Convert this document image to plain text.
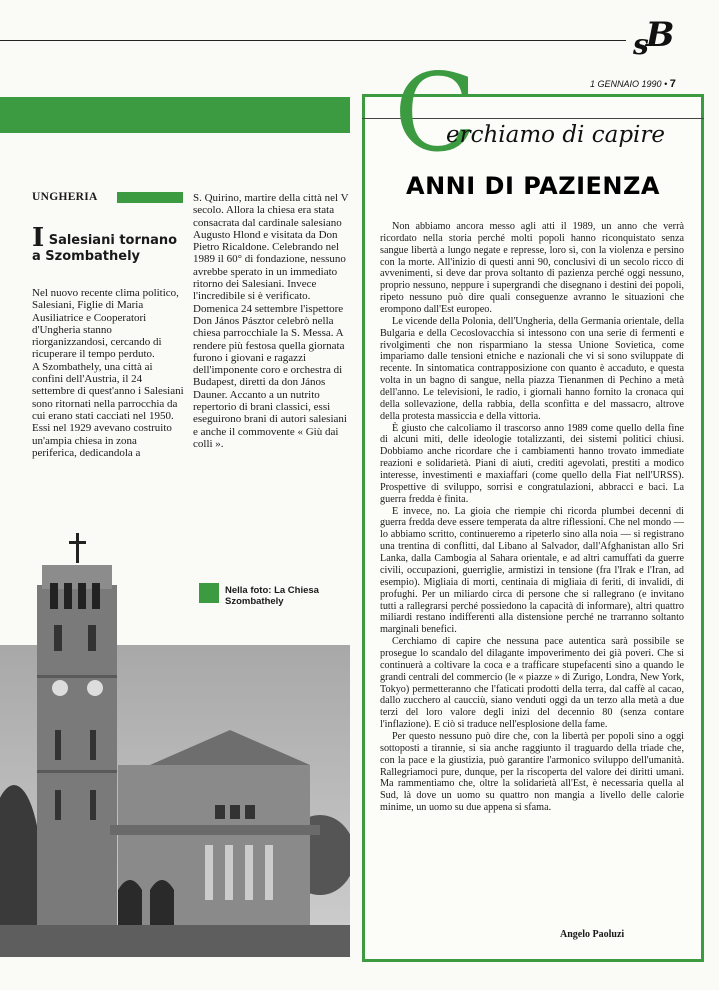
$_s$B
1 GENNAIO 1990 • 7
UNGHERIA
I Salesiani tornano a Szombathely

Nel nuovo recente clima politico, Salesiani, Figlie di Maria Ausiliatrice e Cooperatori d'Ungheria stanno riorganizzandosi, cercando di ricuperare il tempo perduto.

A Szombathely, una città ai confini dell'Austria, il 24 settembre di quest'anno i Salesiani sono ritornati nella parrocchia da cui erano stati cacciati nel 1950. Essi nel 1929 avevano costruito un'ampia chiesa in zona periferica, dedicandola a

S. Quirino, martire della città nel V secolo. Allora la chiesa era stata consacrata dal cardinale salesiano Augusto Hlond e visitata da Don Pietro Ricaldone. Celebrando nel 1989 il 60° di fondazione, nessuno avrebbe sperato in un immediato ritorno dei Salesiani. Invece l'incredibile si è verificato. Domenica 24 settembre l'ispettore Don János Pásztor celebrò nella chiesa parrocchiale la S. Messa. A rendere più festosa quella giornata furono i giovani e ragazzi dell'imponente coro e orchestra di Budapest, diretti da don János Dauner. Accanto a un nutrito repertorio di brani classici, essi eseguirono brani di autori salesiani e anche il commovente « Giù dai colli ».

Nella foto: La Chiesa Szombathely
C
erchiamo di capire
ANNI DI PAZIENZA

Non abbiamo ancora messo agli atti il 1989, un anno che verrà ricordato nella storia perché molti popoli hanno riconquistato senza sangue libertà a lungo negate e represse, loro sì, con la violenza e persino con la morte. All'inizio di questi anni 90, conclusivi di un secolo ricco di avvenimenti, si deve dar prova soltanto di pazienza perché oggi nessuno, proprio nessuno, neppure i supergrandi che disegnano i destini dei popoli, ripeto nessuno può dire quali conseguenze avranno le situazioni che erompono dall'Est europeo.

Le vicende della Polonia, dell'Ungheria, della Germania orientale, della Bulgaria e della Cecoslovacchia si intessono con una serie di fermenti e rivolgimenti che non risparmiano la stessa Unione Sovietica, come impariamo dalle tensioni etniche e nazionali che vi si sono sviluppate di recente. In sintomatica contrapposizione con quanto è accaduto, e questa volta in un bagno di sangue, nella piazza Tienanmen di Pechino a metà dell'anno. Le televisioni, le radio, i giornali hanno fornito la cronaca qui della sollevazione, della rabbia, della sconfitta e del massacro, altrove della protesta massiccia e della vittoria.

È giusto che calcoliamo il trascorso anno 1989 come quello della fine di alcuni miti, delle ideologie totalizzanti, dei sistemi politici chiusi. Dobbiamo anche ricordare che i cambiamenti hanno trovato immediate reazioni e solidarietà. Piani di aiuti, crediti agevolati, prestiti a modico interesse, investimenti e maxiaffari (come quello della Fiat nell'URSS). Prospettive di sviluppo, sorrisi e congratulazioni, abbracci e baci. La guerra fredda è finita.

E invece, no. La gioia che riempie chi ricorda plumbei decenni di guerra fredda deve essere temperata da altre riflessioni. Che nel mondo — lo abbiamo scritto, continueremo a ripeterlo sino alla noia — si registrano una trentina di conflitti, dal Libano al Salvador, dall'Afghanistan allo Sri Lanka, dalla Cambogia al Sahara orientale, e ad altri camuffati da guerre civili, occupazioni, guerriglie, armistizi in tensione (fra l'Irak e l'Iran, ad esempio). Migliaia di morti, centinaia di migliaia di feriti, di invalidi, di profughi. Per un miliardo circa di persone che si rallegrano (e invitano tutti a rallegrarsi perché possiedono la capacità di informare), altri quattro miliardi restano indifferenti alla distensione perché ne trarranno soltanto marginali benefici.

Cerchiamo di capire che nessuna pace autentica sarà possibile se prosegue lo scandalo del dilagante impoverimento dei già poveri. Che si continuerà a coltivare la coca e a trafficare stupefacenti sino a quando le grandi centrali del commercio (le « piazze » di Zurigo, Londra, New York, Tokyo) permetteranno che l'faticati prodotti della terra, dal caffè al cacao, dallo zucchero al caucciù, siano venduti oggi da un terzo alla metà a due terzi del loro valore degli inizi del decennio 80 (senza contare l'inflazione). E ciò si traduce nell'esplosione della fame.

Per questo nessuno può dire che, con la libertà per popoli sino a oggi sottoposti a tirannie, si sia anche raggiunto il traguardo della triade che, con la pace e la giustizia, può garantire l'armonico sviluppo dell'umanità. Rallegriamoci pure, dunque, per la riscoperta del valore dei diritti umani. Ma rammentiamo che, oltre la solidarietà all'Est, è necessaria quella al Sud, là dove un uomo su quattro non mangia a livello delle calorie minime, un uomo su due appena si sfama.

Angelo Paoluzi
